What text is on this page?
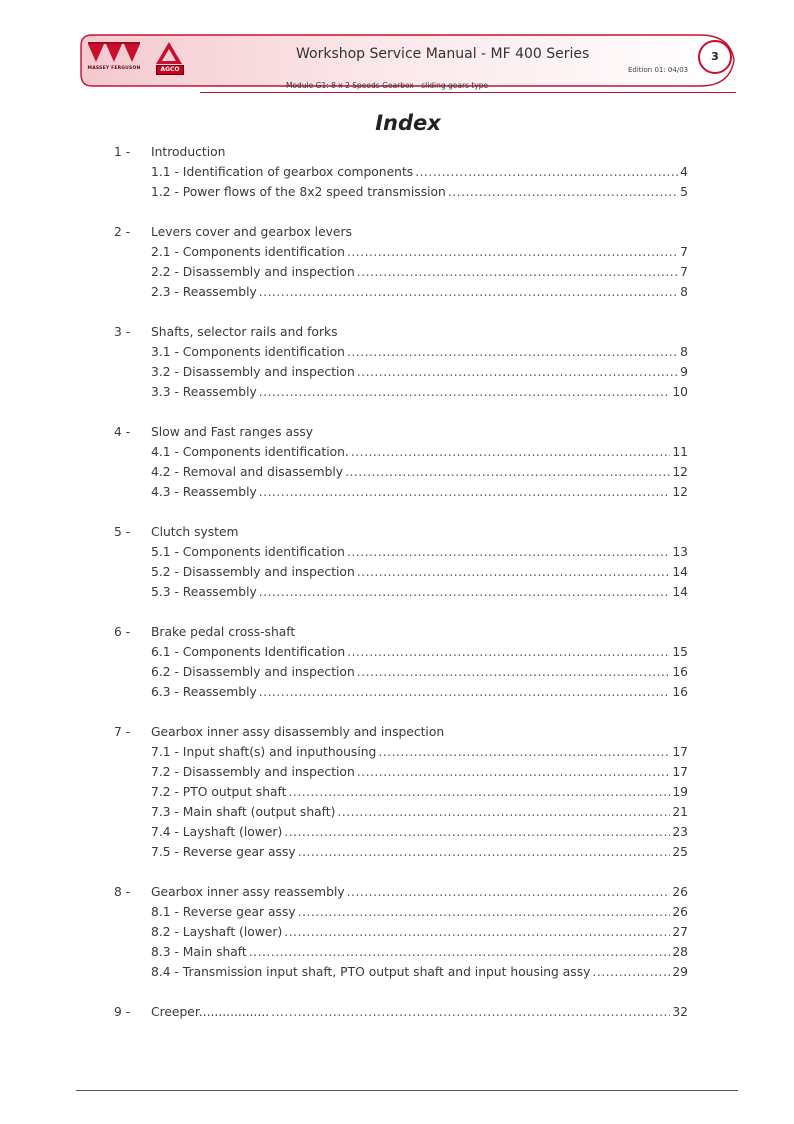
MASSEY FERGUSON	AGCO
Workshop Service Manual - MF 400 Series
Edition 01: 04/03
3
Module G1: 8 x 2 Speeds Gearbox - sliding gears type
Index
1 - Introduction
1.1 - Identification of gearbox components .....	4
1.2 - Power flows of the 8x2 speed transmission .....	5
2 - Levers cover and gearbox levers
2.1 - Components identification .....	7
2.2 - Disassembly and inspection .....	7
2.3 - Reassembly .....	8
3 - Shafts, selector rails and forks
3.1 - Components identification .....	8
3.2 - Disassembly and inspection .....	9
3.3 - Reassembly .....	10
4 - Slow and Fast ranges assy
4.1 - Components identification. .....	11
4.2 - Removal and disassembly .....	12
4.3 - Reassembly .....	12
5 - Clutch system
5.1 - Components identification .....	13
5.2 - Disassembly and inspection .....	14
5.3 - Reassembly .....	14
6 - Brake pedal cross-shaft
6.1 - Components Identification .....	15
6.2 - Disassembly and inspection .....	16
6.3 - Reassembly .....	16
7 - Gearbox inner assy disassembly and inspection
7.1 - Input shaft(s) and inputhousing .....	17
7.2 - Disassembly and inspection .....	17
7.2 - PTO output shaft .....	19
7.3 - Main shaft (output shaft) .....	21
7.4 - Layshaft (lower) .....	23
7.5 - Reverse gear assy .....	25
8 - Gearbox inner assy reassembly .....	26
8.1 - Reverse gear assy .....	26
8.2 - Layshaft (lower) .....	27
8.3 - Main shaft .....	28
8.4 - Transmission input shaft, PTO output shaft and input housing assy .....	29
9 - Creeper.................. .....	32
